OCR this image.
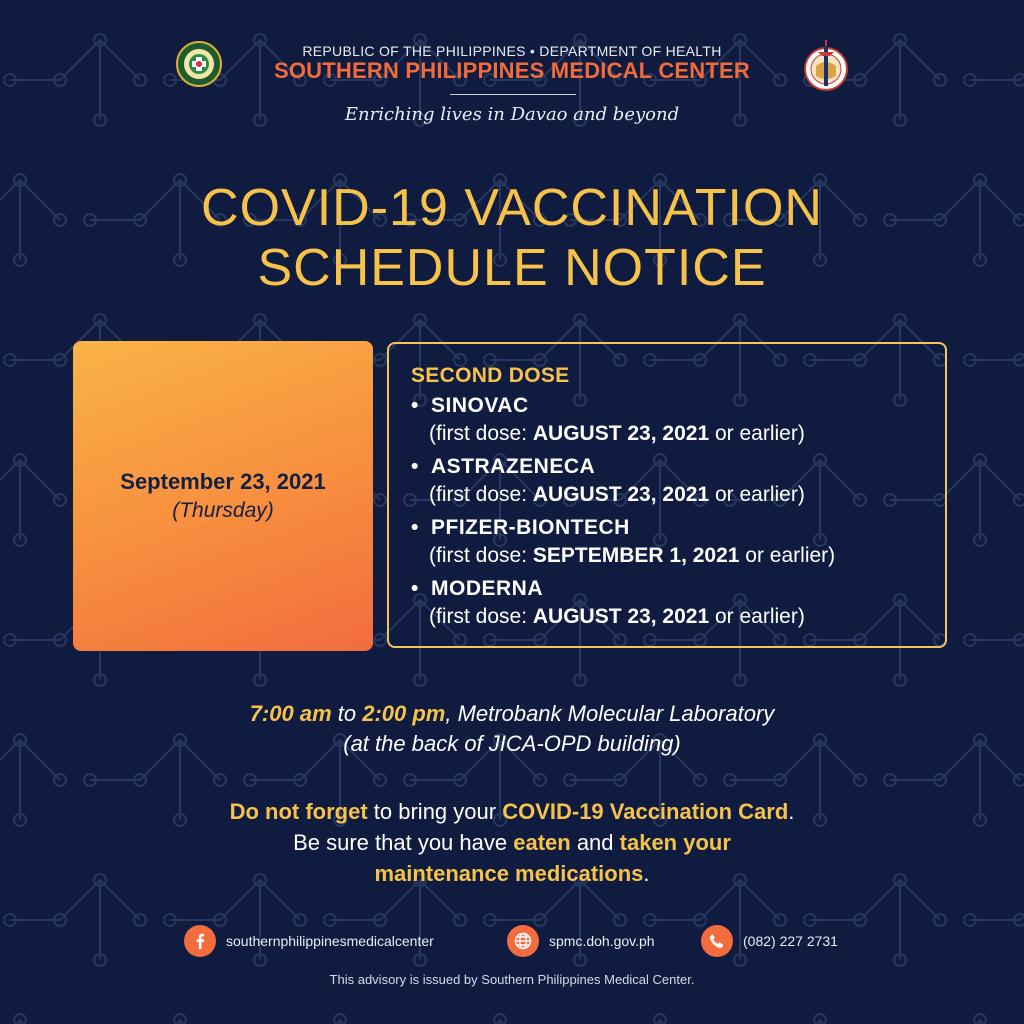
REPUBLIC OF THE PHILIPPINES • DEPARTMENT OF HEALTH
SOUTHERN PHILIPPINES MEDICAL CENTER
Enriching lives in Davao and beyond
COVID-19 VACCINATION
SCHEDULE NOTICE
September 23, 2021
(Thursday)
SECOND DOSE
• SINOVAC
(first dose: AUGUST 23, 2021 or earlier)
• ASTRAZENECA
(first dose: AUGUST 23, 2021 or earlier)
• PFIZER-BIONTECH
(first dose: SEPTEMBER 1, 2021 or earlier)
• MODERNA
(first dose: AUGUST 23, 2021 or earlier)
7:00 am to 2:00 pm, Metrobank Molecular Laboratory
(at the back of JICA-OPD building)
Do not forget to bring your COVID-19 Vaccination Card.
Be sure that you have eaten and taken your
maintenance medications.
southernphilippinesmedicalcenter	spmc.doh.gov.ph	(082) 227 2731
This advisory is issued by Southern Philippines Medical Center.
